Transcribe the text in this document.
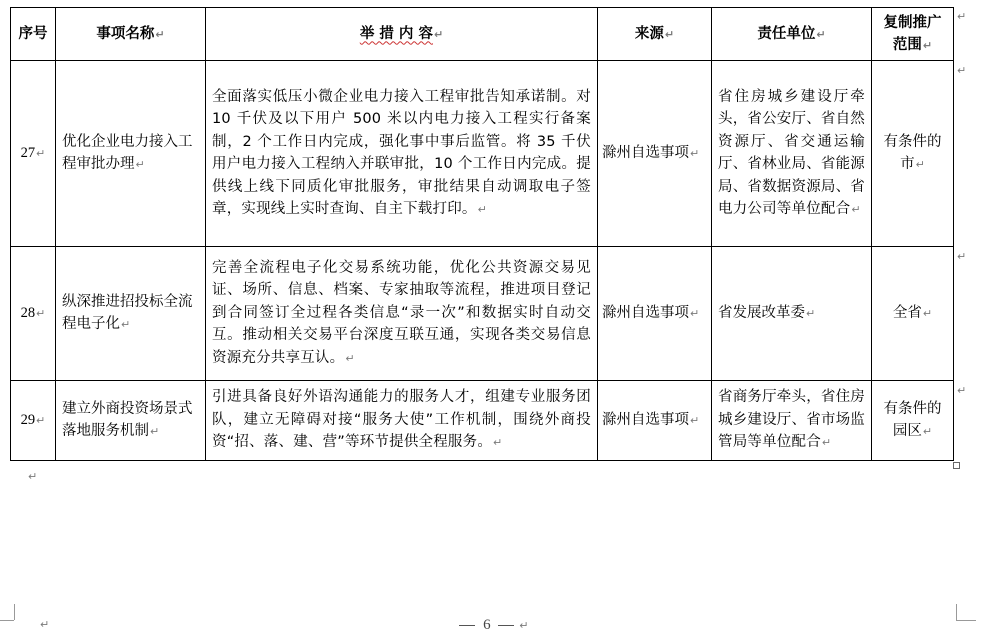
序号	事项名称↵	举 措 内 容↵	来源↵	责任单位↵	复制推广范围↵

27↵	优化企业电力接入工程审批办理↵	全面落实低压小微企业电力接入工程审批告知承诺制。对 10 千伏及以下用户 500 米以内电力接入工程实行备案制，2 个工作日内完成，强化事中事后监管。将 35 千伏用户电力接入工程纳入并联审批，10 个工作日内完成。提供线上线下同质化审批服务，审批结果自动调取电子签章，实现线上实时查询、自主下载打印。↵	滁州自选事项↵	省住房城乡建设厅牵头，省公安厅、省自然资源厅、省交通运输厅、省林业局、省能源局、省数据资源局、省电力公司等单位配合↵	有条件的市↵

28↵	纵深推进招投标全流程电子化↵	完善全流程电子化交易系统功能，优化公共资源交易见证、场所、信息、档案、专家抽取等流程，推进项目登记到合同签订全过程各类信息“录一次”和数据实时自动交互。推动相关交易平台深度互联互通，实现各类交易信息资源充分共享互认。↵	滁州自选事项↵	省发展改革委↵	全省↵
29↵	建立外商投资场景式落地服务机制↵	引进具备良好外语沟通能力的服务人才，组建专业服务团队，建立无障碍对接“服务大使”工作机制，围绕外商投资“招、落、建、营”等环节提供全程服务。↵	滁州自选事项↵	省商务厅牵头，省住房城乡建设厅、省市场监管局等单位配合↵	有条件的园区↵
↵
↵
↵
↵
↵
↵	6	↵
